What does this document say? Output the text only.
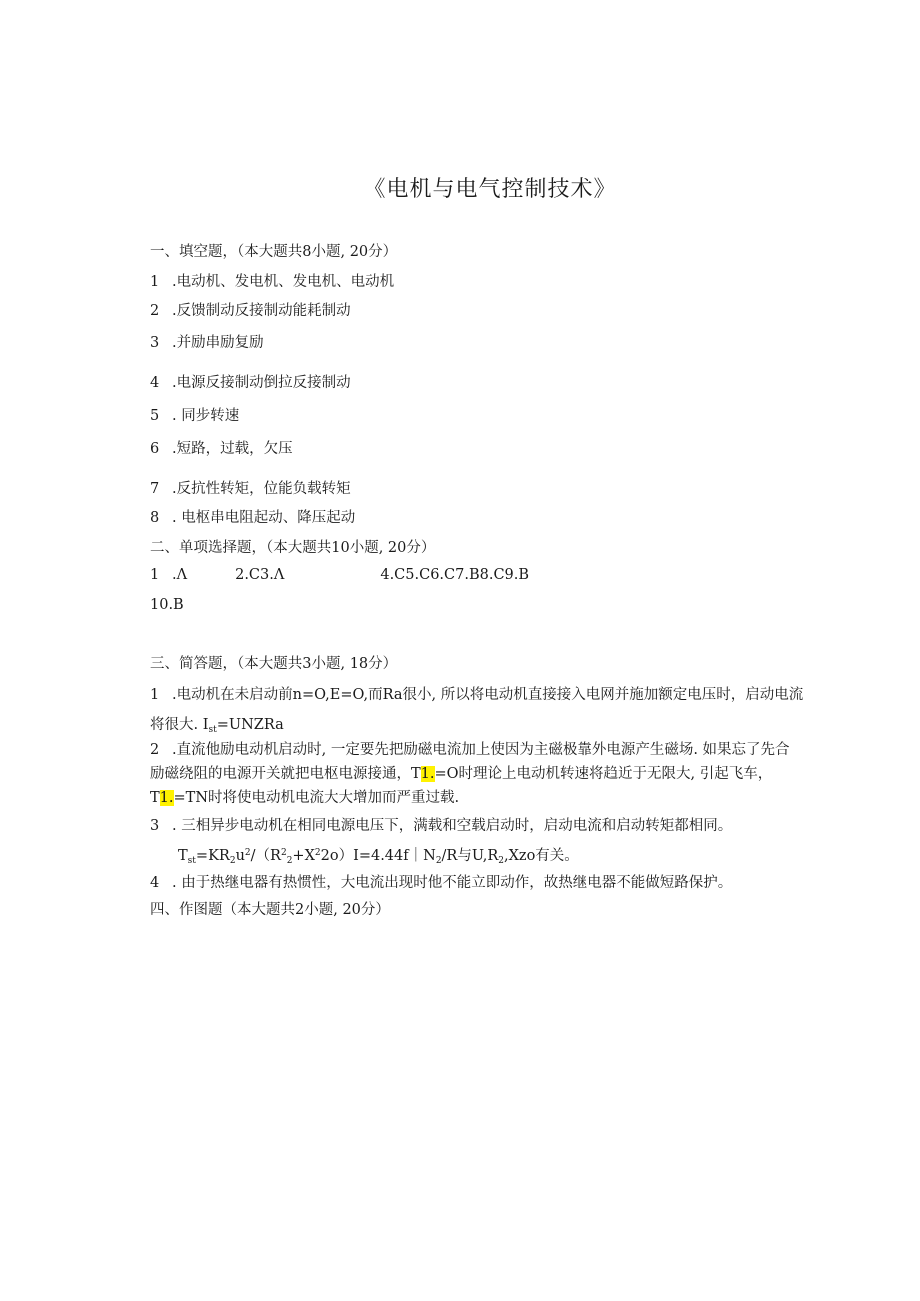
《电机与电气控制技术》
一、填空题，（本大题共8小题, 20分）
1 .电动机、发电机、发电机、电动机
2 .反馈制动反接制动能耗制动
3 .并励串励复励
4 .电源反接制动倒拉反接制动
5 . 同步转速
6 .短路，过载，欠压
7 .反抗性转矩，位能负载转矩
8 . 电枢串电阻起动、降压起动
二、单项选择题，（本大题共10小题, 20分）
1 .Λ	2.C3.Λ	4.C5.C6.C7.B8.C9.B
10.B
三、简答题，（本大题共3小题, 18分）
1 .电动机在未启动前n=O,E=O,而Ra很小, 所以将电动机直接接入电网并施加额定电压时，启动电流
将很大. $I_{st}=UNZRa$
2 .直流他励电动机启动时, 一定要先把励磁电流加上使因为主磁极靠外电源产生磁场. 如果忘了先合
励磁绕阻的电源开关就把电枢电源接通，T1.=O时理论上电动机转速将趋近于无限大, 引起飞车，
T1.=TN时将使电动机电流大大增加而严重过载.
3 . 三相异步电动机在相同电源电压下，满载和空载启动时，启动电流和启动转矩都相同。
$T_{st}=KR_2u^2/(R^2_2+X^22o)I=4.44f|N_2/R$与$U,R_2,Xzo$有关。
4 . 由于热继电器有热惯性，大电流出现时他不能立即动作，故热继电器不能做短路保护。
四、作图题（本大题共2小题, 20分）
